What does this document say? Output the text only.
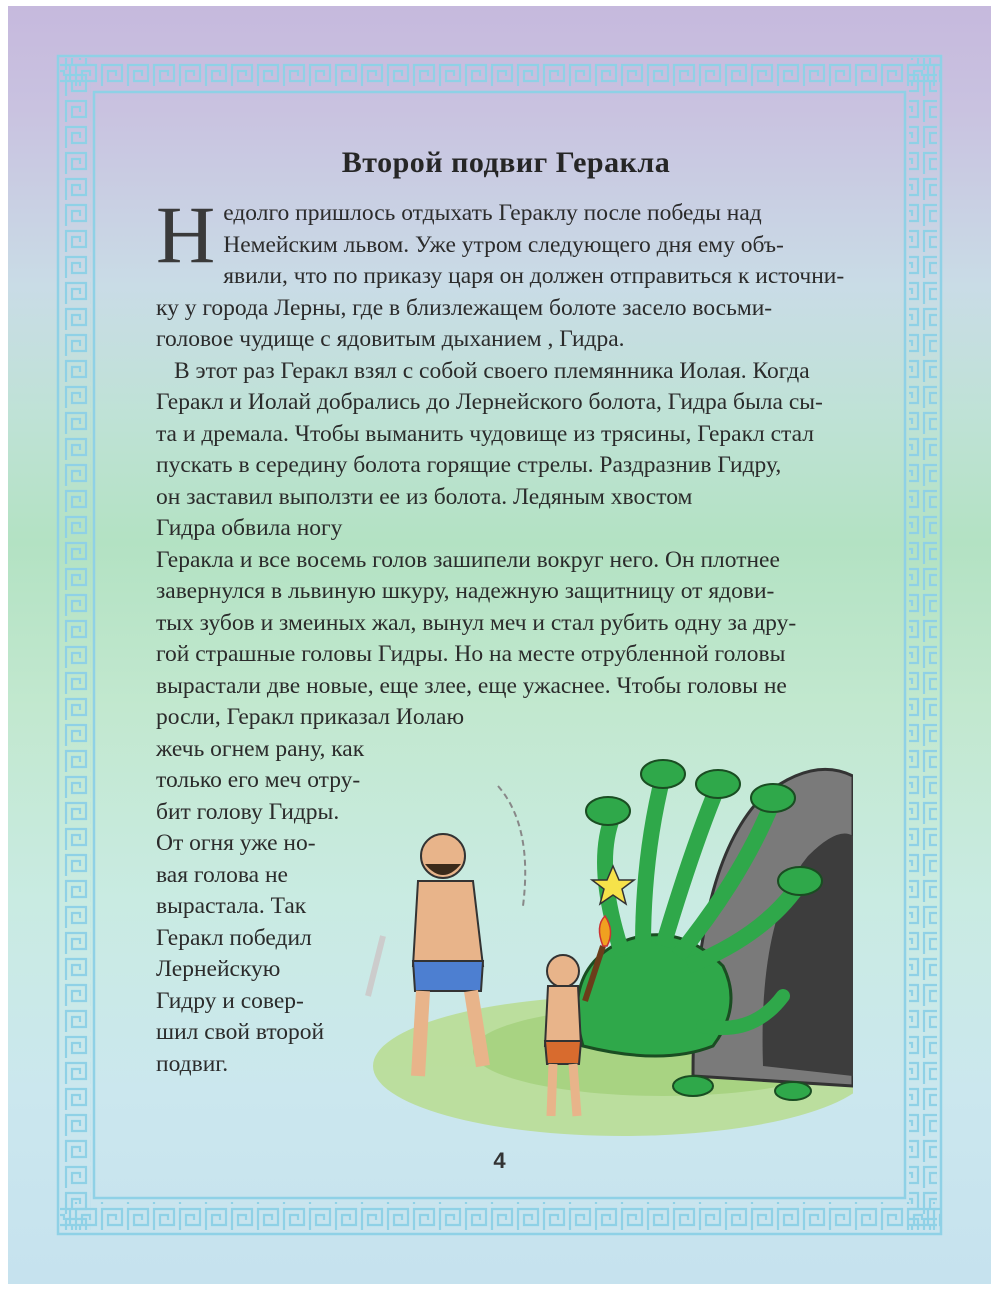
Второй подвиг Геракла

Н едолго пришлось отдыхать Гераклу после победы над
Немейским львом. Уже утром следующего дня ему объ-
явили, что по приказу царя он должен отправиться к источни-
ку у города Лерны, где в близлежащем болоте засело восьми-
головое чудище с ядовитым дыханием , Гидра.

В этот раз Геракл взял с собой своего племянника Иолая. Когда
Геракл и Иолай добрались до Лернейского болота, Гидра была сы-
та и дремала. Чтобы выманить чудовище из трясины, Геракл стал
пускать в середину болота горящие стрелы. Раздразнив Гидру,
он заставил выползти ее из болота. Ледяным хвостом
Гидра обвила ногу
Геракла и все восемь голов зашипели вокруг него. Он плотнее
завернулся в львиную шкуру, надежную защитницу от ядови-
тых зубов и змеиных жал, вынул меч и стал рубить одну за дру-
гой страшные головы Гидры. Но на месте отрубленной головы
вырастали две новые, еще злее, еще ужаснее. Чтобы головы не
росли, Геракл приказал Иолаю

жечь огнем рану, как
только его меч отру-
бит голову Гидры.
От огня уже но-
вая голова не
вырастала. Так
Геракл победил
Лернейскую
Гидру и совер-
шил свой второй
подвиг.
4
